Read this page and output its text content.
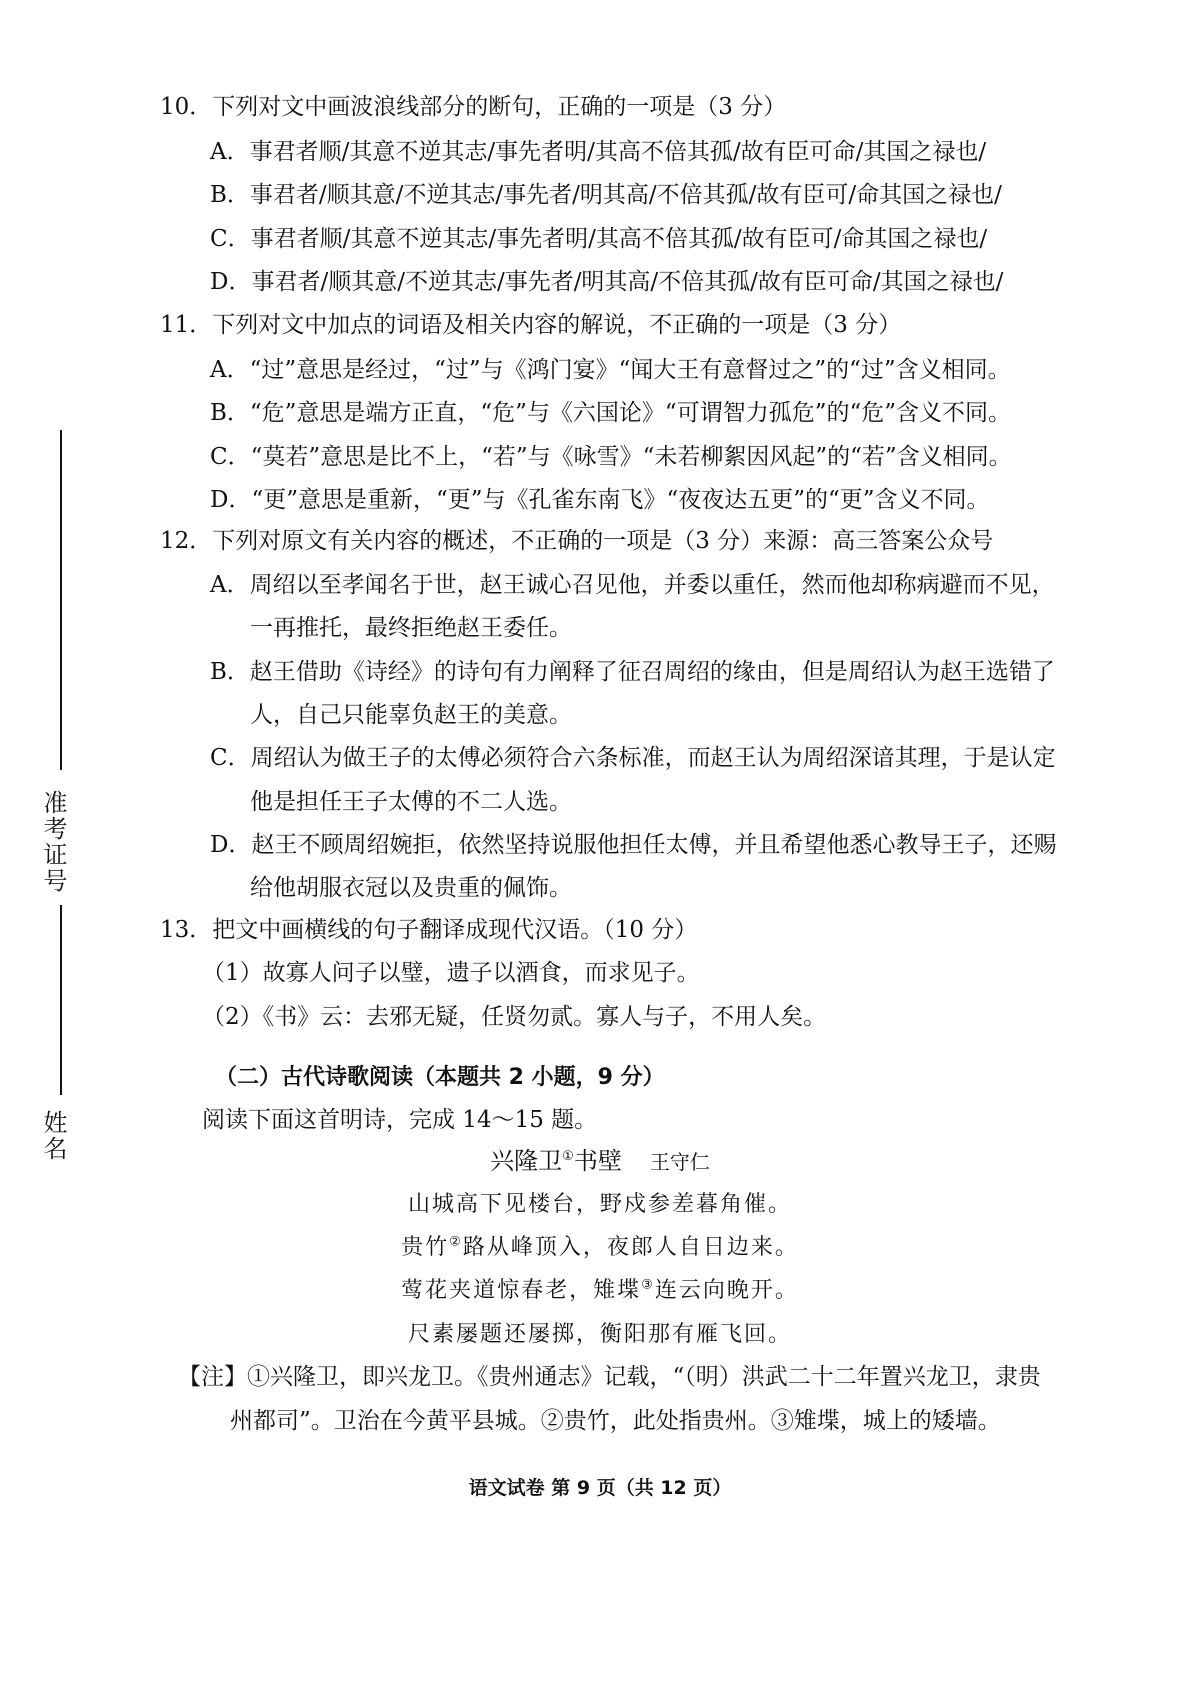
准考证号
姓名
10．下列对文中画波浪线部分的断句，正确的一项是（3 分）
A．事君者顺/其意不逆其志/事先者明/其高不倍其孤/故有臣可命/其国之禄也/
B．事君者/顺其意/不逆其志/事先者/明其高/不倍其孤/故有臣可/命其国之禄也/
C．事君者顺/其意不逆其志/事先者明/其高不倍其孤/故有臣可/命其国之禄也/
D．事君者/顺其意/不逆其志/事先者/明其高/不倍其孤/故有臣可命/其国之禄也/
11．下列对文中加点的词语及相关内容的解说，不正确的一项是（3 分）
A．“过”意思是经过，“过”与《鸿门宴》“闻大王有意督过之”的“过”含义相同。
B．“危”意思是端方正直，“危”与《六国论》“可谓智力孤危”的“危”含义不同。
C．“莫若”意思是比不上，“若”与《咏雪》“未若柳絮因风起”的“若”含义相同。
D．“更”意思是重新，“更”与《孔雀东南飞》“夜夜达五更”的“更”含义不同。
12．下列对原文有关内容的概述，不正确的一项是（3 分）来源：高三答案公众号
A．周绍以至孝闻名于世，赵王诚心召见他，并委以重任，然而他却称病避而不见，
一再推托，最终拒绝赵王委任。
B．赵王借助《诗经》的诗句有力阐释了征召周绍的缘由，但是周绍认为赵王选错了
人，自己只能辜负赵王的美意。
C．周绍认为做王子的太傅必须符合六条标准，而赵王认为周绍深谙其理，于是认定
他是担任王子太傅的不二人选。
D．赵王不顾周绍婉拒，依然坚持说服他担任太傅，并且希望他悉心教导王子，还赐
给他胡服衣冠以及贵重的佩饰。
13．把文中画横线的句子翻译成现代汉语。（10 分）
（1）故寡人问子以璧，遗子以酒食，而求见子。
（2）《书》云：去邪无疑，任贤勿贰。寡人与子，不用人矣。
（二）古代诗歌阅读（本题共 2 小题，9 分）
阅读下面这首明诗，完成 14～15 题。
兴隆卫①书壁 王守仁
山城高下见楼台，野戍参差暮角催。
贵竹②路从峰顶入，夜郎人自日边来。
莺花夹道惊春老，雉堞③连云向晚开。
尺素屡题还屡掷，衡阳那有雁飞回。
【注】①兴隆卫，即兴龙卫。《贵州通志》记载，“（明）洪武二十二年置兴龙卫，隶贵
州都司”。卫治在今黄平县城。②贵竹，此处指贵州。③雉堞，城上的矮墙。
语文试卷 第 9 页（共 12 页）
